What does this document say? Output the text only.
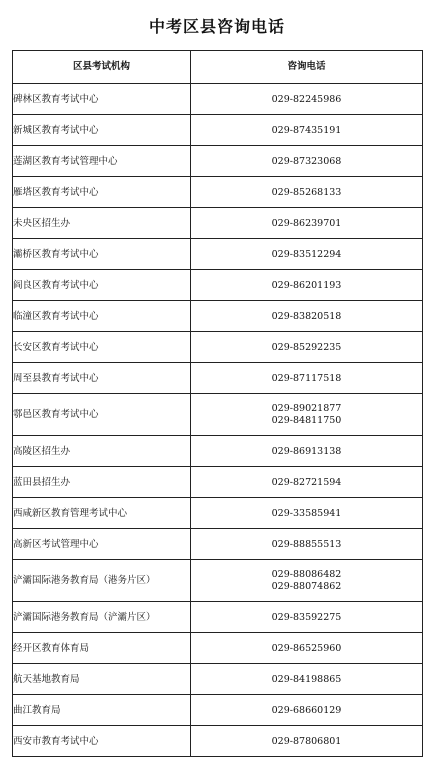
中考区县咨询电话
区县考试机构	咨询电话

碑林区教育考试中心	029-82245986

新城区教育考试中心	029-87435191

莲湖区教育考试管理中心	029-87323068

雁塔区教育考试中心	029-85268133

未央区招生办	029-86239701

灞桥区教育考试中心	029-83512294

阎良区教育考试中心	029-86201193

临潼区教育考试中心	029-83820518

长安区教育考试中心	029-85292235

周至县教育考试中心	029-87117518

鄠邑区教育考试中心	029-89021877
029-84811750

高陵区招生办	029-86913138

蓝田县招生办	029-82721594

西咸新区教育管理考试中心	029-33585941

高新区考试管理中心	029-88855513

浐灞国际港务教育局（港务片区）	029-88086482
029-88074862

浐灞国际港务教育局（浐灞片区）	029-83592275

经开区教育体育局	029-86525960

航天基地教育局	029-84198865

曲江教育局	029-68660129

西安市教育考试中心	029-87806801
